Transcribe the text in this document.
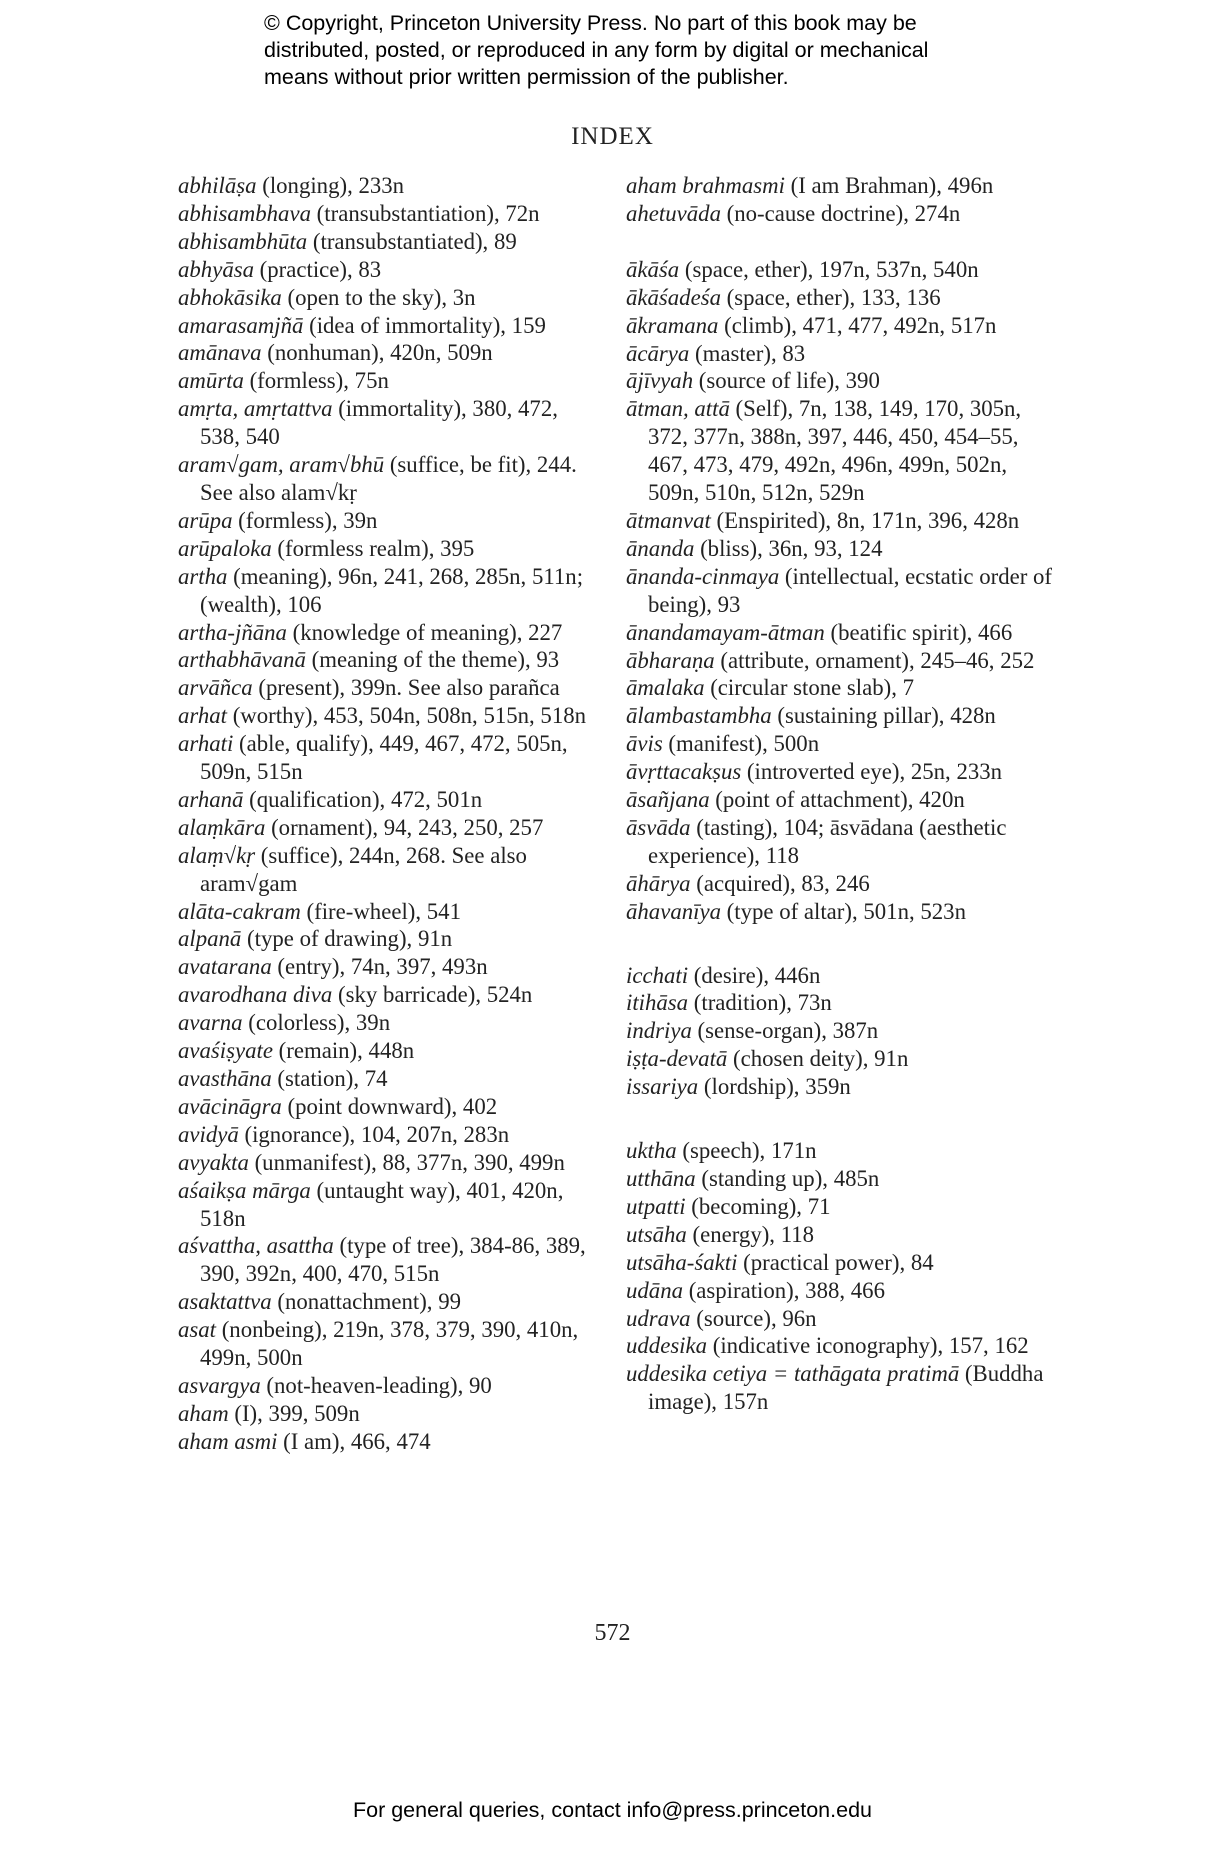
© Copyright, Princeton University Press. No part of this book may be
distributed, posted, or reproduced in any form by digital or mechanical
means without prior written permission of the publisher.
INDEX
abhilāṣa (longing), 233n
abhisambhava (transubstantiation), 72n
abhisambhūta (transubstantiated), 89
abhyāsa (practice), 83
abhokāsika (open to the sky), 3n
amarasamjñā (idea of immortality), 159
amānava (nonhuman), 420n, 509n
amūrta (formless), 75n
amṛta, amṛtattva (immortality), 380, 472, 538, 540
aram√gam, aram√bhū (suffice, be fit), 244. See also alam√kṛ
arūpa (formless), 39n
arūpaloka (formless realm), 395
artha (meaning), 96n, 241, 268, 285n, 511n; (wealth), 106
artha-jñāna (knowledge of meaning), 227
arthabhāvanā (meaning of the theme), 93
arvāñca (present), 399n. See also parañca
arhat (worthy), 453, 504n, 508n, 515n, 518n
arhati (able, qualify), 449, 467, 472, 505n, 509n, 515n
arhanā (qualification), 472, 501n
alaṃkāra (ornament), 94, 243, 250, 257
alaṃ√kṛ (suffice), 244n, 268. See also aram√gam
alāta-cakram (fire-wheel), 541
alpanā (type of drawing), 91n
avatarana (entry), 74n, 397, 493n
avarodhana diva (sky barricade), 524n
avarna (colorless), 39n
avaśiṣyate (remain), 448n
avasthāna (station), 74
avācināgra (point downward), 402
avidyā (ignorance), 104, 207n, 283n
avyakta (unmanifest), 88, 377n, 390, 499n
aśaikṣa mārga (untaught way), 401, 420n, 518n
aśvattha, asattha (type of tree), 384-86, 389, 390, 392n, 400, 470, 515n
asaktattva (nonattachment), 99
asat (nonbeing), 219n, 378, 379, 390, 410n, 499n, 500n
asvargya (not-heaven-leading), 90
aham (I), 399, 509n
aham asmi (I am), 466, 474
aham brahmasmi (I am Brahman), 496n
ahetuvāda (no-cause doctrine), 274n
ākāśa (space, ether), 197n, 537n, 540n
ākāśadeśa (space, ether), 133, 136
ākramana (climb), 471, 477, 492n, 517n
ācārya (master), 83
ājīvyah (source of life), 390
ātman, attā (Self), 7n, 138, 149, 170, 305n, 372, 377n, 388n, 397, 446, 450, 454–55, 467, 473, 479, 492n, 496n, 499n, 502n, 509n, 510n, 512n, 529n
ātmanvat (Enspirited), 8n, 171n, 396, 428n
ānanda (bliss), 36n, 93, 124
ānanda-cinmaya (intellectual, ecstatic order of being), 93
ānandamayam-ātman (beatific spirit), 466
ābharaṇa (attribute, ornament), 245–46, 252
āmalaka (circular stone slab), 7
ālambastambha (sustaining pillar), 428n
āvis (manifest), 500n
āvṛttacakṣus (introverted eye), 25n, 233n
āsañjana (point of attachment), 420n
āsvāda (tasting), 104; āsvādana (aesthetic experience), 118
āhārya (acquired), 83, 246
āhavanīya (type of altar), 501n, 523n
icchati (desire), 446n
itihāsa (tradition), 73n
indriya (sense-organ), 387n
iṣṭa-devatā (chosen deity), 91n
issariya (lordship), 359n
uktha (speech), 171n
utthāna (standing up), 485n
utpatti (becoming), 71
utsāha (energy), 118
utsāha-śakti (practical power), 84
udāna (aspiration), 388, 466
udrava (source), 96n
uddesika (indicative iconography), 157, 162
uddesika cetiya = tathāgata pratimā (Buddha image), 157n
572
For general queries, contact info@press.princeton.edu
